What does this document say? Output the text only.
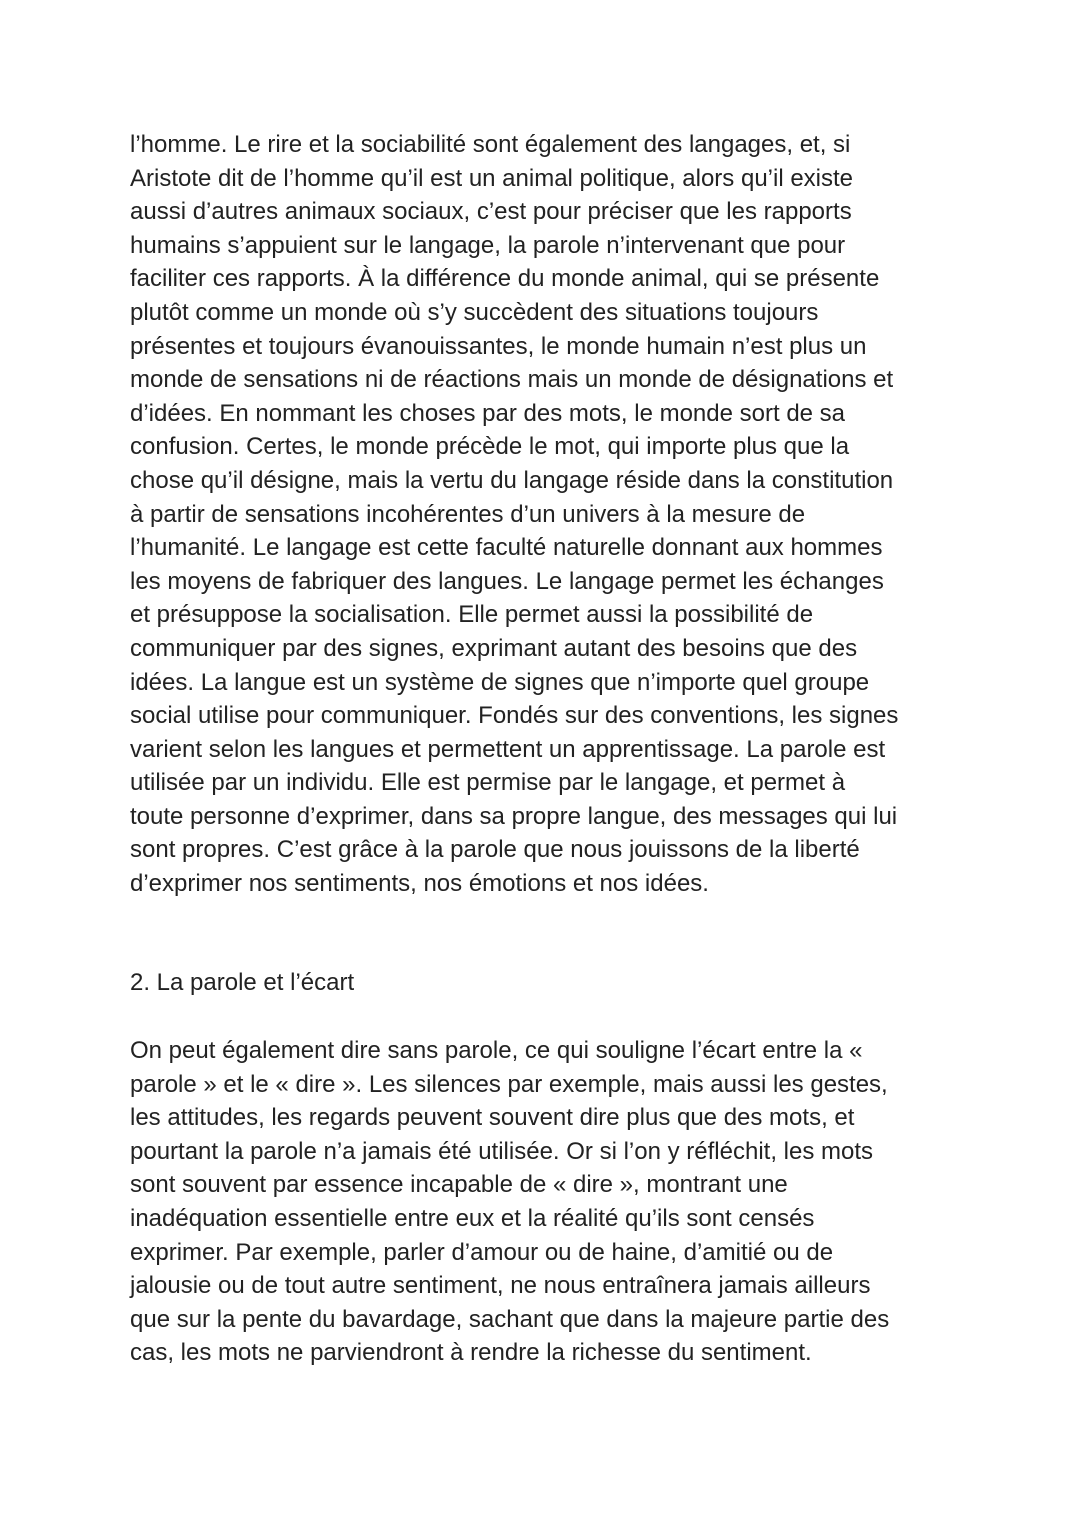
l’homme. Le rire et la sociabilité sont également des langages, et, si
Aristote dit de l’homme qu’il est un animal politique, alors qu’il existe
aussi d’autres animaux sociaux, c’est pour préciser que les rapports
humains s’appuient sur le langage, la parole n’intervenant que pour
faciliter ces rapports. À la différence du monde animal, qui se présente
plutôt comme un monde où s’y succèdent des situations toujours
présentes et toujours évanouissantes, le monde humain n’est plus un
monde de sensations ni de réactions mais un monde de désignations et
d’idées. En nommant les choses par des mots, le monde sort de sa
confusion. Certes, le monde précède le mot, qui importe plus que la
chose qu’il désigne, mais la vertu du langage réside dans la constitution
à partir de sensations incohérentes d’un univers à la mesure de
l’humanité. Le langage est cette faculté naturelle donnant aux hommes
les moyens de fabriquer des langues. Le langage permet les échanges
et présuppose la socialisation. Elle permet aussi la possibilité de
communiquer par des signes, exprimant autant des besoins que des
idées. La langue est un système de signes que n’importe quel groupe
social utilise pour communiquer. Fondés sur des conventions, les signes
varient selon les langues et permettent un apprentissage. La parole est
utilisée par un individu. Elle est permise par le langage, et permet à
toute personne d’exprimer, dans sa propre langue, des messages qui lui
sont propres. C’est grâce à la parole que nous jouissons de la liberté
d’exprimer nos sentiments, nos émotions et nos idées.

2. La parole et l’écart

On peut également dire sans parole, ce qui souligne l’écart entre la «
parole » et le « dire ». Les silences par exemple, mais aussi les gestes,
les attitudes, les regards peuvent souvent dire plus que des mots, et
pourtant la parole n’a jamais été utilisée. Or si l’on y réfléchit, les mots
sont souvent par essence incapable de « dire », montrant une
inadéquation essentielle entre eux et la réalité qu’ils sont censés
exprimer. Par exemple, parler d’amour ou de haine, d’amitié ou de
jalousie ou de tout autre sentiment, ne nous entraînera jamais ailleurs
que sur la pente du bavardage, sachant que dans la majeure partie des
cas, les mots ne parviendront à rendre la richesse du sentiment.
